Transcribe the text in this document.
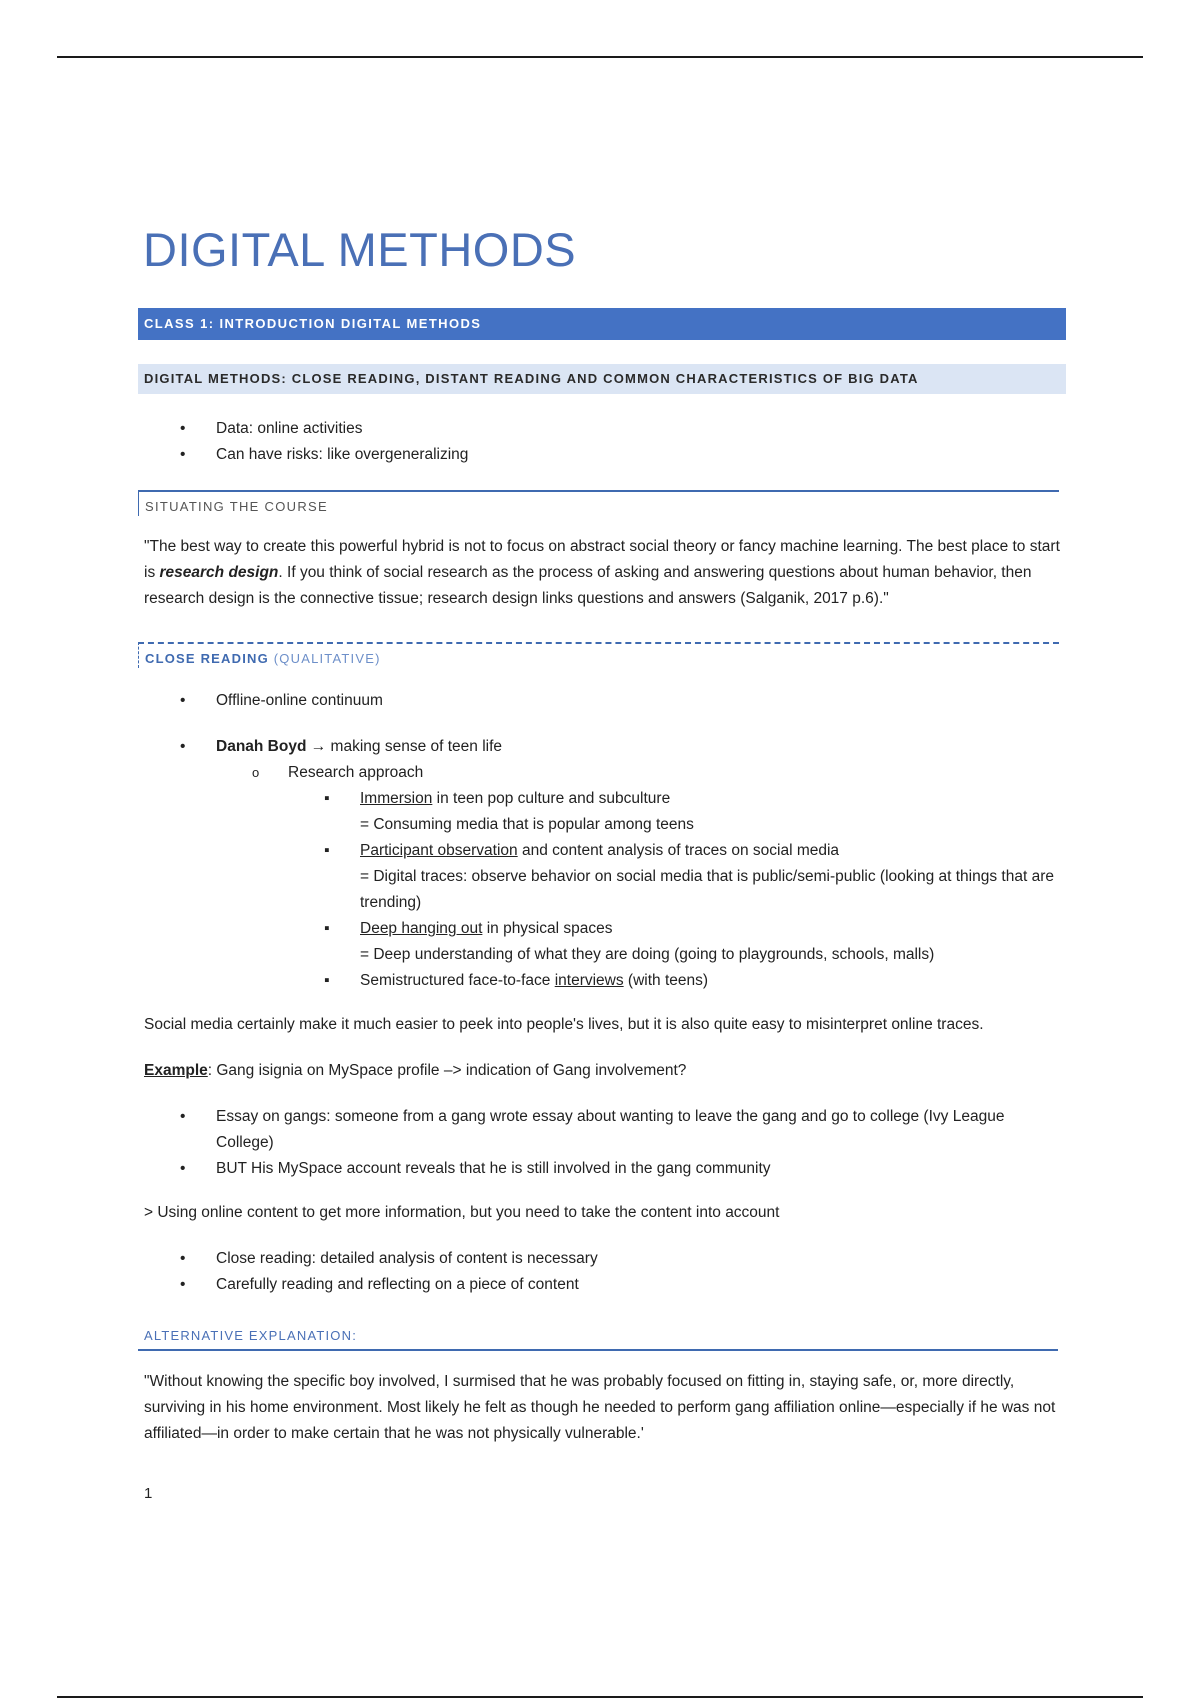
DIGITAL METHODS
CLASS 1: INTRODUCTION DIGITAL METHODS
DIGITAL METHODS: CLOSE READING, DISTANT READING AND COMMON CHARACTERISTICS OF BIG DATA
• Data: online activities
• Can have risks: like overgeneralizing
SITUATING THE COURSE

"The best way to create this powerful hybrid is not to focus on abstract social theory or fancy machine learning. The best place to start is research design. If you think of social research as the process of asking and answering questions about human behavior, then research design is the connective tissue; research design links questions and answers (Salganik, 2017 p.6)."

CLOSE READING (QUALITATIVE)
• Offline-online continuum
• Danah Boyd → making sense of teen life
o Research approach
▪ Immersion in teen pop culture and subculture
= Consuming media that is popular among teens
▪ Participant observation and content analysis of traces on social media
= Digital traces: observe behavior on social media that is public/semi-public (looking at things that are trending)
▪ Deep hanging out in physical spaces
= Deep understanding of what they are doing (going to playgrounds, schools, malls)
▪ Semistructured face-to-face interviews (with teens)

Social media certainly make it much easier to peek into people's lives, but it is also quite easy to misinterpret online traces.

Example: Gang isignia on MySpace profile –> indication of Gang involvement?

• Essay on gangs: someone from a gang wrote essay about wanting to leave the gang and go to college (Ivy League College)
• BUT His MySpace account reveals that he is still involved in the gang community

> Using online content to get more information, but you need to take the content into account

• Close reading: detailed analysis of content is necessary
• Carefully reading and reflecting on a piece of content
ALTERNATIVE EXPLANATION:

"Without knowing the specific boy involved, I surmised that he was probably focused on fitting in, staying safe, or, more directly, surviving in his home environment. Most likely he felt as though he needed to perform gang affiliation online—especially if he was not affiliated—in order to make certain that he was not physically vulnerable.'

1
